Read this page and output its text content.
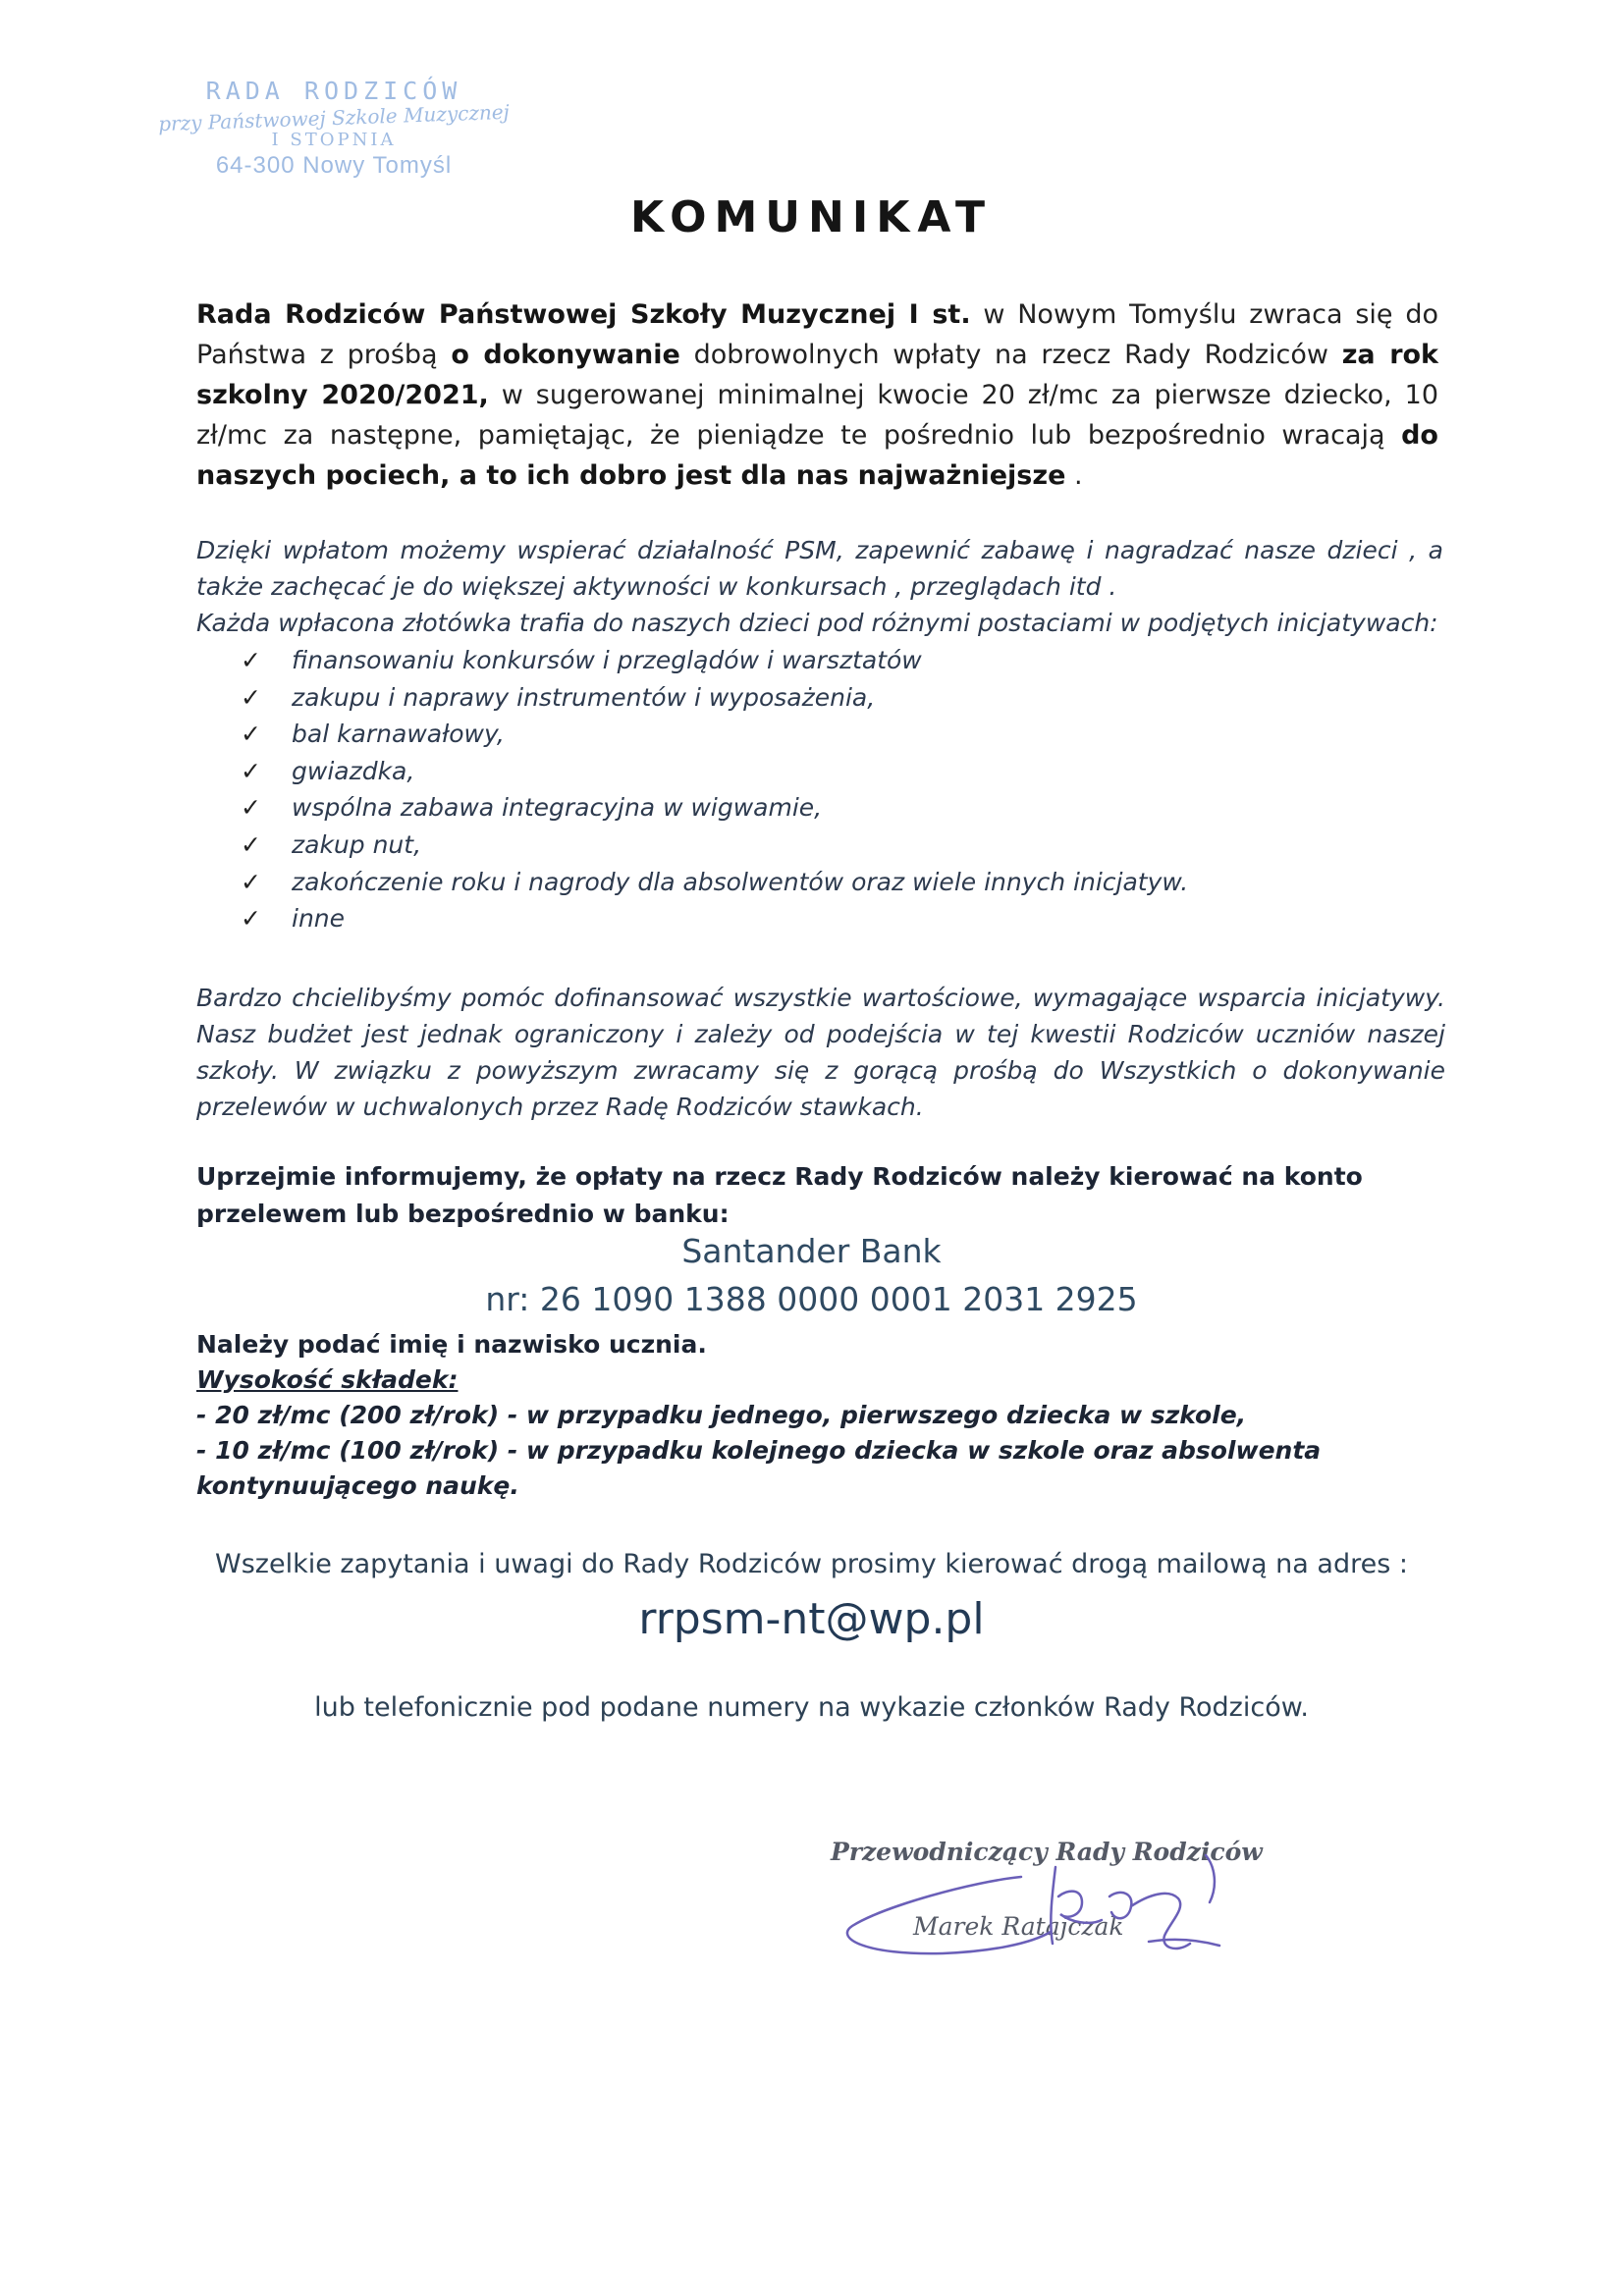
RADA RODZICÓW
przy Państwowej Szkole Muzycznej
I STOPNIA
64-300 Nowy Tomyśl
KOMUNIKAT
Rada Rodziców Państwowej Szkoły Muzycznej I st. w Nowym Tomyślu zwraca się do Państwa z prośbą o dokonywanie dobrowolnych wpłaty na rzecz Rady Rodziców za rok szkolny 2020/2021, w sugerowanej minimalnej kwocie 20 zł/mc za pierwsze dziecko, 10 zł/mc za następne, pamiętając, że pieniądze te pośrednio lub bezpośrednio wracają do naszych pociech, a to ich dobro jest dla nas najważniejsze .
Dzięki wpłatom możemy wspierać działalność PSM, zapewnić zabawę i nagradzać nasze dzieci , a także zachęcać je do większej aktywności w konkursach , przeglądach itd .
Każda wpłacona złotówka trafia do naszych dzieci pod różnymi postaciami w podjętych inicjatywach:
✓ finansowaniu konkursów i przeglądów i warsztatów
✓ zakupu i naprawy instrumentów i wyposażenia,
✓ bal karnawałowy,
✓ gwiazdka,
✓ wspólna zabawa integracyjna w wigwamie,
✓ zakup nut,
✓ zakończenie roku i nagrody dla absolwentów oraz wiele innych inicjatyw.
✓ inne
Bardzo chcielibyśmy pomóc dofinansować wszystkie wartościowe, wymagające wsparcia inicjatywy. Nasz budżet jest jednak ograniczony i zależy od podejścia w tej kwestii Rodziców uczniów naszej szkoły. W związku z powyższym zwracamy się z gorącą prośbą do Wszystkich o dokonywanie przelewów w uchwalonych przez Radę Rodziców stawkach.
Uprzejmie informujemy, że opłaty na rzecz Rady Rodziców należy kierować na konto przelewem lub bezpośrednio w banku:
Santander Bank
nr: 26 1090 1388 0000 0001 2031 2925
Należy podać imię i nazwisko ucznia.
Wysokość składek:
- 20 zł/mc (200 zł/rok) - w przypadku jednego, pierwszego dziecka w szkole,
- 10 zł/mc (100 zł/rok) - w przypadku kolejnego dziecka w szkole oraz absolwenta kontynuującego naukę.
Wszelkie zapytania i uwagi do Rady Rodziców prosimy kierować drogą mailową na adres :
rrpsm-nt@wp.pl
lub telefonicznie pod podane numery na wykazie członków Rady Rodziców.
Przewodniczący Rady Rodziców
Marek Ratajczak
